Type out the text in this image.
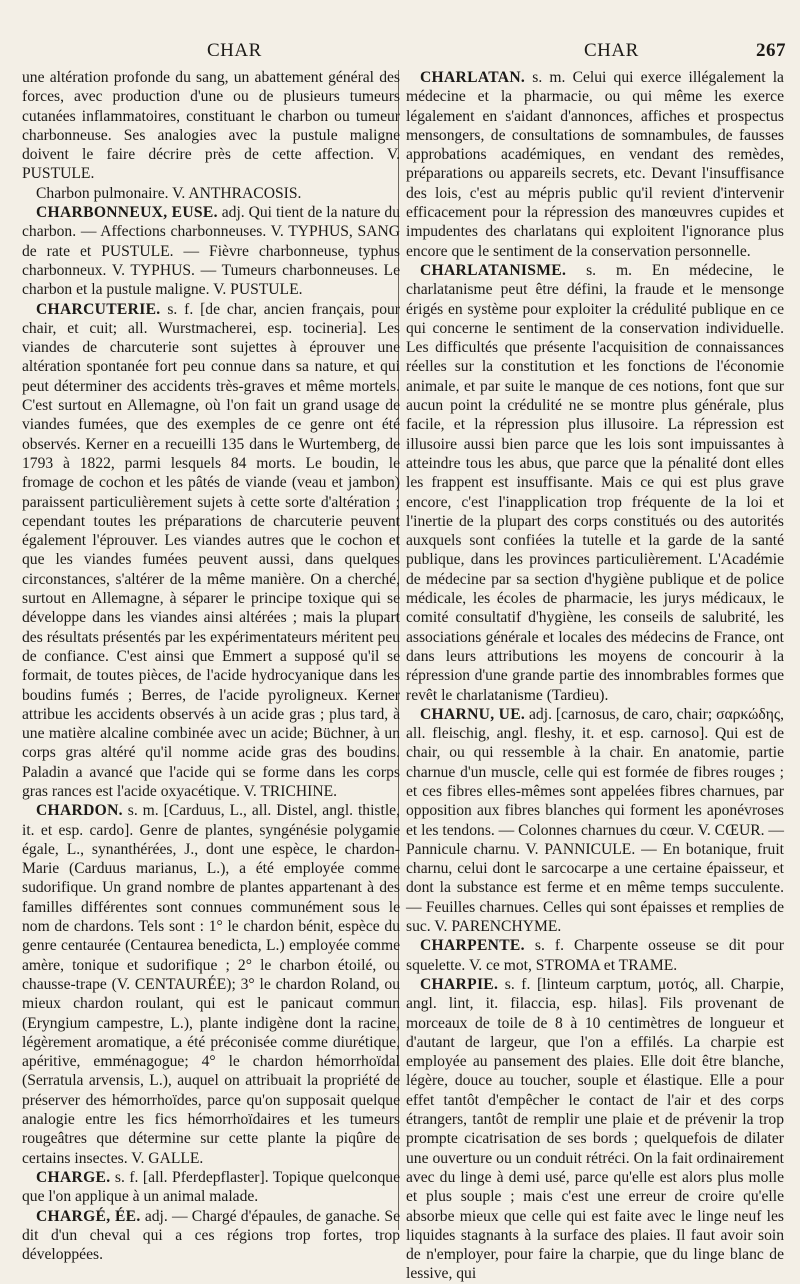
CHAR	CHAR	267

une altération profonde du sang, un abattement général des forces, avec production d'une ou de plusieurs tumeurs cutanées inflammatoires, constituant le charbon ou tumeur charbonneuse. Ses analogies avec la pustule maligne doivent le faire décrire près de cette affection. V. PUSTULE.

Charbon pulmonaire. V. ANTHRACOSIS.

CHARBONNEUX, EUSE. adj. Qui tient de la nature du charbon. — Affections charbonneuses. V. TYPHUS, SANG de rate et PUSTULE. — Fièvre charbonneuse, typhus charbonneux. V. TYPHUS. — Tumeurs charbonneuses. Le charbon et la pustule maligne. V. PUSTULE.

CHARCUTERIE. s. f. [de char, ancien français, pour chair, et cuit; all. Wurstmacherei, esp. tocineria]. Les viandes de charcuterie sont sujettes à éprouver une altération spontanée fort peu connue dans sa nature, et qui peut déterminer des accidents très-graves et même mortels. C'est surtout en Allemagne, où l'on fait un grand usage de viandes fumées, que des exemples de ce genre ont été observés. Kerner en a recueilli 135 dans le Wurtemberg, de 1793 à 1822, parmi lesquels 84 morts. Le boudin, le fromage de cochon et les pâtés de viande (veau et jambon) paraissent particulièrement sujets à cette sorte d'altération ; cependant toutes les préparations de charcuterie peuvent également l'éprouver. Les viandes autres que le cochon et que les viandes fumées peuvent aussi, dans quelques circonstances, s'altérer de la même manière. On a cherché, surtout en Allemagne, à séparer le principe toxique qui se développe dans les viandes ainsi altérées ; mais la plupart des résultats présentés par les expérimentateurs méritent peu de confiance. C'est ainsi que Emmert a supposé qu'il se formait, de toutes pièces, de l'acide hydrocyanique dans les boudins fumés ; Berres, de l'acide pyroligneux. Kerner attribue les accidents observés à un acide gras ; plus tard, à une matière alcaline combinée avec un acide; Büchner, à un corps gras altéré qu'il nomme acide gras des boudins. Paladin a avancé que l'acide qui se forme dans les corps gras rances est l'acide oxyacétique. V. TRICHINE.

CHARDON. s. m. [Carduus, L., all. Distel, angl. thistle, it. et esp. cardo]. Genre de plantes, syngénésie polygamie égale, L., synanthérées, J., dont une espèce, le chardon-Marie (Carduus marianus, L.), a été employée comme sudorifique. Un grand nombre de plantes appartenant à des familles différentes sont connues communément sous le nom de chardons. Tels sont : 1° le chardon bénit, espèce du genre centaurée (Centaurea benedicta, L.) employée comme amère, tonique et sudorifique ; 2° le charbon étoilé, ou chausse-trape (V. CENTAURÉE); 3° le chardon Roland, ou mieux chardon roulant, qui est le panicaut commun (Eryngium campestre, L.), plante indigène dont la racine, légèrement aromatique, a été préconisée comme diurétique, apéritive, emménagogue; 4° le chardon hémorrhoïdal (Serratula arvensis, L.), auquel on attribuait la propriété de préserver des hémorrhoïdes, parce qu'on supposait quelque analogie entre les fics hémorrhoïdaires et les tumeurs rougeâtres que détermine sur cette plante la piqûre de certains insectes. V. GALLE.

CHARGE. s. f. [all. Pferdepflaster]. Topique quelconque que l'on applique à un animal malade.

CHARGÉ, ÉE. adj. — Chargé d'épaules, de ganache. Se dit d'un cheval qui a ces régions trop fortes, trop développées.

CHARLATAN. s. m. Celui qui exerce illégalement la médecine et la pharmacie, ou qui même les exerce légalement en s'aidant d'annonces, affiches et prospectus mensongers, de consultations de somnambules, de fausses approbations académiques, en vendant des remèdes, préparations ou appareils secrets, etc. Devant l'insuffisance des lois, c'est au mépris public qu'il revient d'intervenir efficacement pour la répression des manœuvres cupides et impudentes des charlatans qui exploitent l'ignorance plus encore que le sentiment de la conservation personnelle.

CHARLATANISME. s. m. En médecine, le charlatanisme peut être défini, la fraude et le mensonge érigés en système pour exploiter la crédulité publique en ce qui concerne le sentiment de la conservation individuelle. Les difficultés que présente l'acquisition de connaissances réelles sur la constitution et les fonctions de l'économie animale, et par suite le manque de ces notions, font que sur aucun point la crédulité ne se montre plus générale, plus facile, et la répression plus illusoire. La répression est illusoire aussi bien parce que les lois sont impuissantes à atteindre tous les abus, que parce que la pénalité dont elles les frappent est insuffisante. Mais ce qui est plus grave encore, c'est l'inapplication trop fréquente de la loi et l'inertie de la plupart des corps constitués ou des autorités auxquels sont confiées la tutelle et la garde de la santé publique, dans les provinces particulièrement. L'Académie de médecine par sa section d'hygiène publique et de police médicale, les écoles de pharmacie, les jurys médicaux, le comité consultatif d'hygiène, les conseils de salubrité, les associations générale et locales des médecins de France, ont dans leurs attributions les moyens de concourir à la répression d'une grande partie des innombrables formes que revêt le charlatanisme (Tardieu).

CHARNU, UE. adj. [carnosus, de caro, chair; σαρκώδης, all. fleischig, angl. fleshy, it. et esp. carnoso]. Qui est de chair, ou qui ressemble à la chair. En anatomie, partie charnue d'un muscle, celle qui est formée de fibres rouges ; et ces fibres elles-mêmes sont appelées fibres charnues, par opposition aux fibres blanches qui forment les aponévroses et les tendons. — Colonnes charnues du cœur. V. CŒUR. — Pannicule charnu. V. PANNICULE. — En botanique, fruit charnu, celui dont le sarcocarpe a une certaine épaisseur, et dont la substance est ferme et en même temps succulente. — Feuilles charnues. Celles qui sont épaisses et remplies de suc. V. PARENCHYME.

CHARPENTE. s. f. Charpente osseuse se dit pour squelette. V. ce mot, STROMA et TRAME.

CHARPIE. s. f. [linteum carptum, μοτός, all. Charpie, angl. lint, it. filaccia, esp. hilas]. Fils provenant de morceaux de toile de 8 à 10 centimètres de longueur et d'autant de largeur, que l'on a effilés. La charpie est employée au pansement des plaies. Elle doit être blanche, légère, douce au toucher, souple et élastique. Elle a pour effet tantôt d'empêcher le contact de l'air et des corps étrangers, tantôt de remplir une plaie et de prévenir la trop prompte cicatrisation de ses bords ; quelquefois de dilater une ouverture ou un conduit rétréci. On la fait ordinairement avec du linge à demi usé, parce qu'elle est alors plus molle et plus souple ; mais c'est une erreur de croire qu'elle absorbe mieux que celle qui est faite avec le linge neuf les liquides stagnants à la surface des plaies. Il faut avoir soin de n'employer, pour faire la charpie, que du linge blanc de lessive, qui
